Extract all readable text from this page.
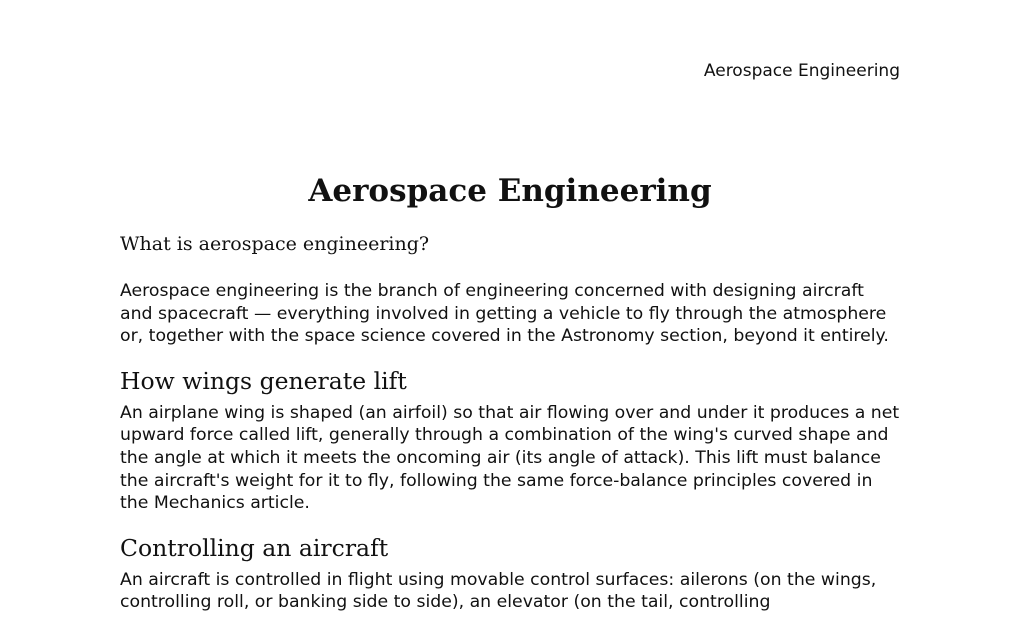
Aerospace Engineering
Aerospace Engineering
What is aerospace engineering?

Aerospace engineering is the branch of engineering concerned with designing aircraft and spacecraft — everything involved in getting a vehicle to fly through the atmosphere or, together with the space science covered in the Astronomy section, beyond it entirely.

How wings generate lift

An airplane wing is shaped (an airfoil) so that air flowing over and under it produces a net upward force called lift, generally through a combination of the wing's curved shape and the angle at which it meets the oncoming air (its angle of attack). This lift must balance the aircraft's weight for it to fly, following the same force-balance principles covered in the Mechanics article.

Controlling an aircraft

An aircraft is controlled in flight using movable control surfaces: ailerons (on the wings, controlling roll, or banking side to side), an elevator (on the tail, controlling
